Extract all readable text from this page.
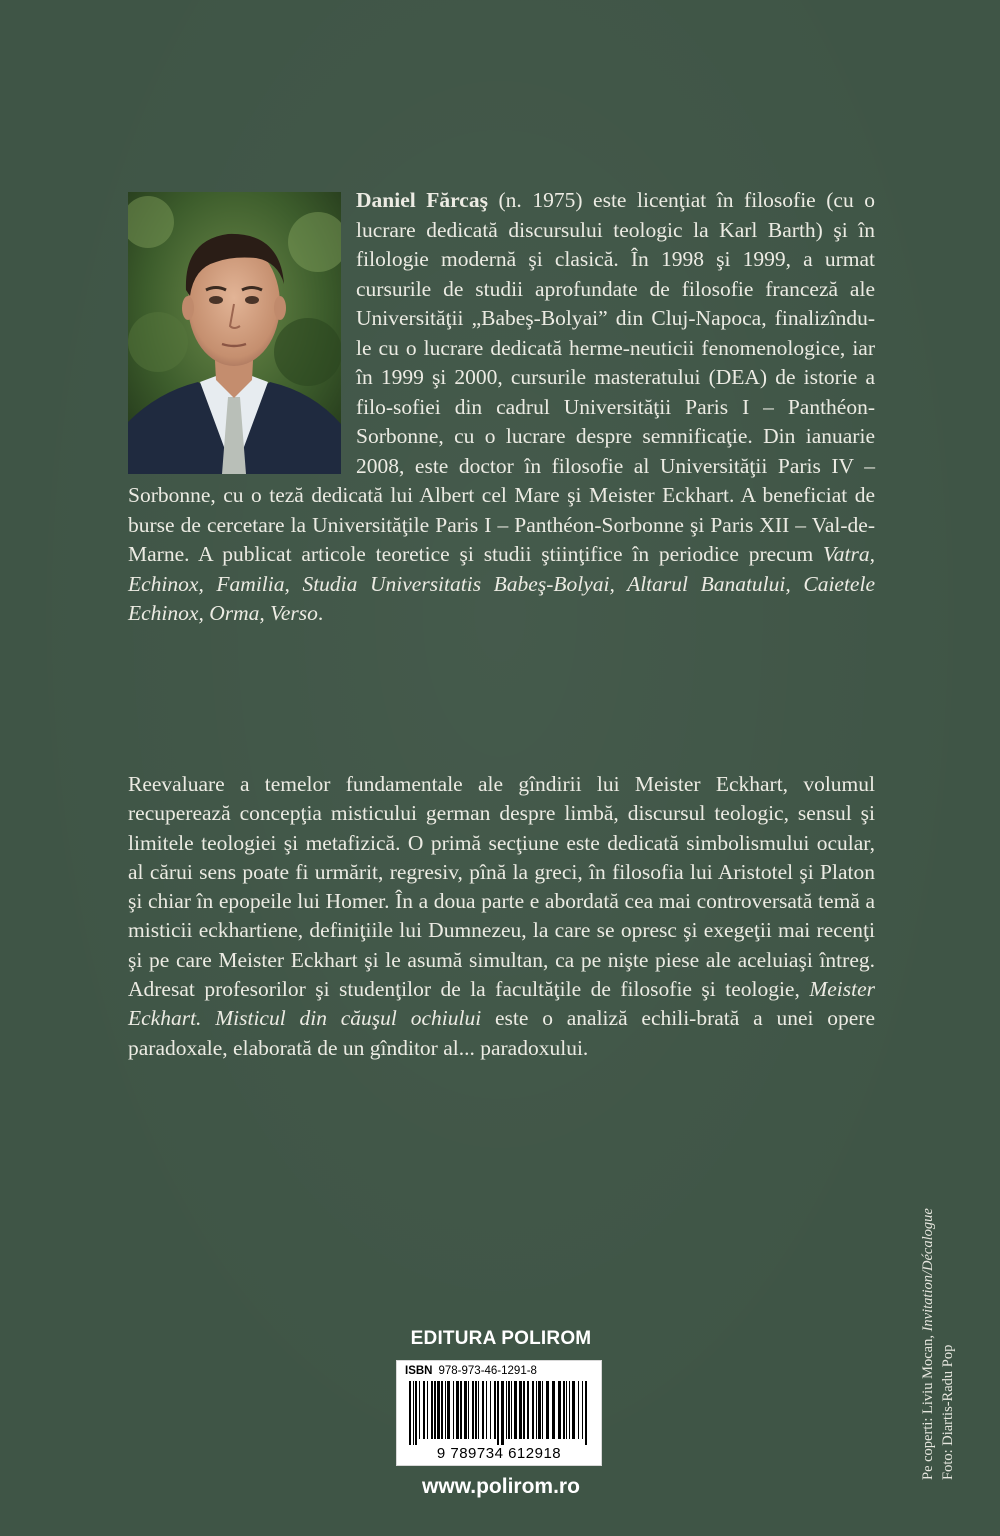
Daniel Fărcaş (n. 1975) este licenţiat în filosofie (cu o lucrare dedicată discursului teologic la Karl Barth) şi în filologie modernă şi clasică. În 1998 şi 1999, a urmat cursurile de studii aprofundate de filosofie franceză ale Universităţii „Babeş-Bolyai” din Cluj-Napoca, finalizîndu-le cu o lucrare dedicată herme-neuticii fenomenologice, iar în 1999 şi 2000, cursurile masteratului (DEA) de istorie a filo-sofiei din cadrul Universităţii Paris I – Panthéon-Sorbonne, cu o lucrare despre semnificaţie. Din ianuarie 2008, este doctor în filosofie al Universităţii Paris IV – Sorbonne, cu o teză dedicată lui Albert cel Mare şi Meister Eckhart. A beneficiat de burse de cercetare la Universităţile Paris I – Panthéon-Sorbonne şi Paris XII – Val-de-Marne. A publicat articole teoretice şi studii ştiinţifice în periodice precum Vatra, Echinox, Familia, Studia Universitatis Babeş-Bolyai, Altarul Banatului, Caietele Echinox, Orma, Verso.

Reevaluare a temelor fundamentale ale gîndirii lui Meister Eckhart, volumul recuperează concepţia misticului german despre limbă, discursul teologic, sensul şi limitele teologiei şi metafizică. O primă secţiune este dedicată simbolismului ocular, al cărui sens poate fi urmărit, regresiv, pînă la greci, în filosofia lui Aristotel şi Platon şi chiar în epopeile lui Homer. În a doua parte e abordată cea mai controversată temă a misticii eckhartiene, definiţiile lui Dumnezeu, la care se opresc şi exegeţii mai recenţi şi pe care Meister Eckhart şi le asumă simultan, ca pe nişte piese ale aceluiaşi întreg. Adresat profesorilor şi studenţilor de la facultăţile de filosofie şi teologie, Meister Eckhart. Misticul din căuşul ochiului este o analiză echili-brată a unei opere paradoxale, elaborată de un gînditor al... paradoxului.

EDITURA POLIROM
ISBN 978-973-46-1291-8
9 789734 612918
www.polirom.ro
Pe coperti: Liviu Mocan, Invitation/Décalogue
Foto: Diartis-Radu Pop
